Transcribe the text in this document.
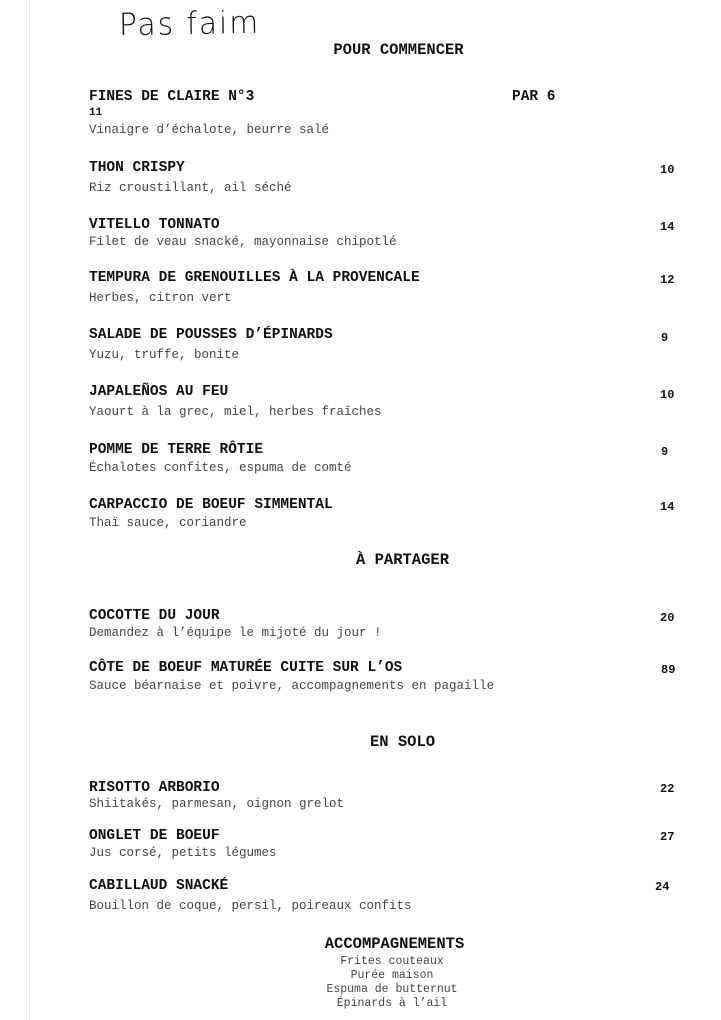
Pas faim
POUR COMMENCER
FINES DE CLAIRE N°3	PAR 6
11
Vinaigre d’échalote, beurre salé
THON CRISPY	10
Riz croustillant, ail séché
VITELLO TONNATO	14
Filet de veau snacké, mayonnaise chipotlé
TEMPURA DE GRENOUILLES À LA PROVENCALE	12
Herbes, citron vert
SALADE DE POUSSES D’ÉPINARDS	9
Yuzu, truffe, bonite
JAPALEÑOS AU FEU	10
Yaourt à la grec, miel, herbes fraîches
POMME DE TERRE RÔTIE	9
Échalotes confites, espuma de comté
CARPACCIO DE BOEUF SIMMENTAL	14
Thaï sauce, coriandre
À PARTAGER
COCOTTE DU JOUR	20
Demandez à l’équipe le mijoté du jour !
CÔTE DE BOEUF MATURÉE CUITE SUR L’OS	89
Sauce béarnaise et poivre, accompagnements en pagaille
EN SOLO
RISOTTO ARBORIO	22
Shiitakés, parmesan, oignon grelot
ONGLET DE BOEUF	27
Jus corsé, petits légumes
CABILLAUD SNACKÉ	24
Bouillon de coque, persil, poireaux confits
ACCOMPAGNEMENTS
Frites couteaux
Purée maison
Espuma de butternut
Épinards à l’ail
